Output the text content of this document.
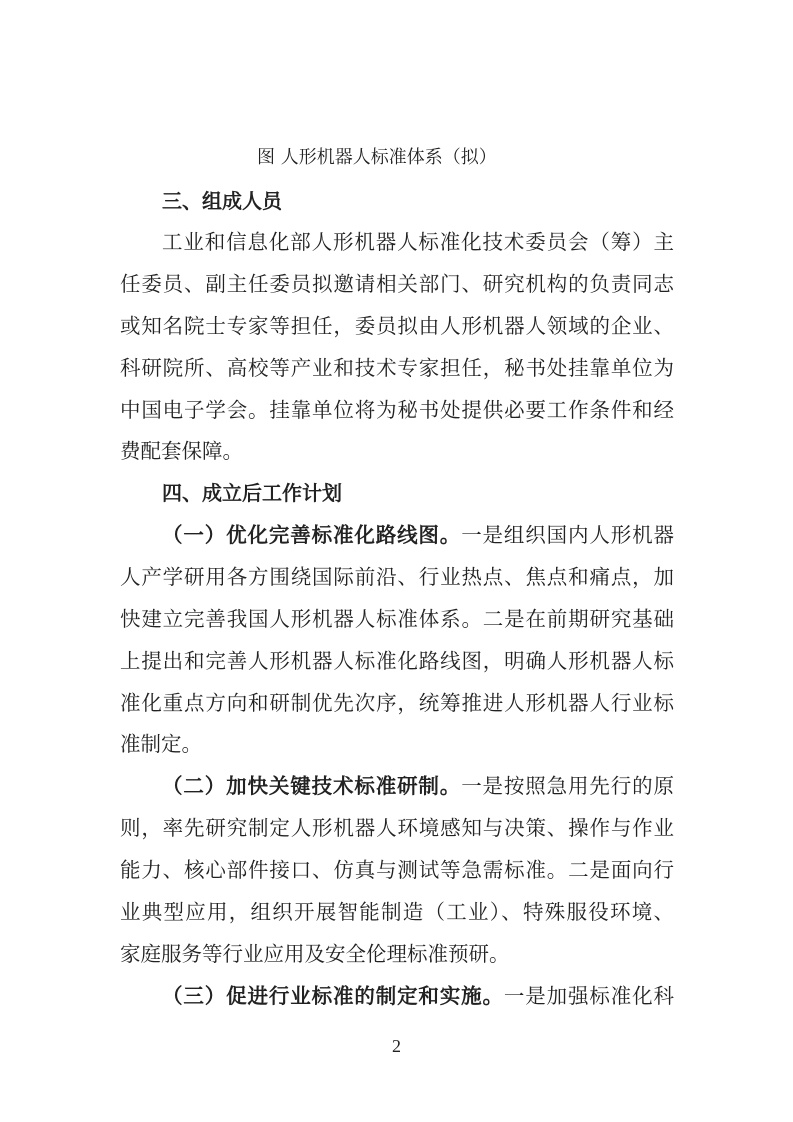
图 人形机器人标准体系（拟）
三、组成人员
工业和信息化部人形机器人标准化技术委员会（筹）主
任委员、副主任委员拟邀请相关部门、研究机构的负责同志
或知名院士专家等担任，委员拟由人形机器人领域的企业、
科研院所、高校等产业和技术专家担任，秘书处挂靠单位为
中国电子学会。挂靠单位将为秘书处提供必要工作条件和经
费配套保障。
四、成立后工作计划
（一）优化完善标准化路线图。一是组织国内人形机器
人产学研用各方围绕国际前沿、行业热点、焦点和痛点，加
快建立完善我国人形机器人标准体系。二是在前期研究基础
上提出和完善人形机器人标准化路线图，明确人形机器人标
准化重点方向和研制优先次序，统筹推进人形机器人行业标
准制定。
（二）加快关键技术标准研制。一是按照急用先行的原
则，率先研究制定人形机器人环境感知与决策、操作与作业
能力、核心部件接口、仿真与测试等急需标准。二是面向行
业典型应用，组织开展智能制造（工业）、特殊服役环境、
家庭服务等行业应用及安全伦理标准预研。
（三）促进行业标准的制定和实施。一是加强标准化科
2
